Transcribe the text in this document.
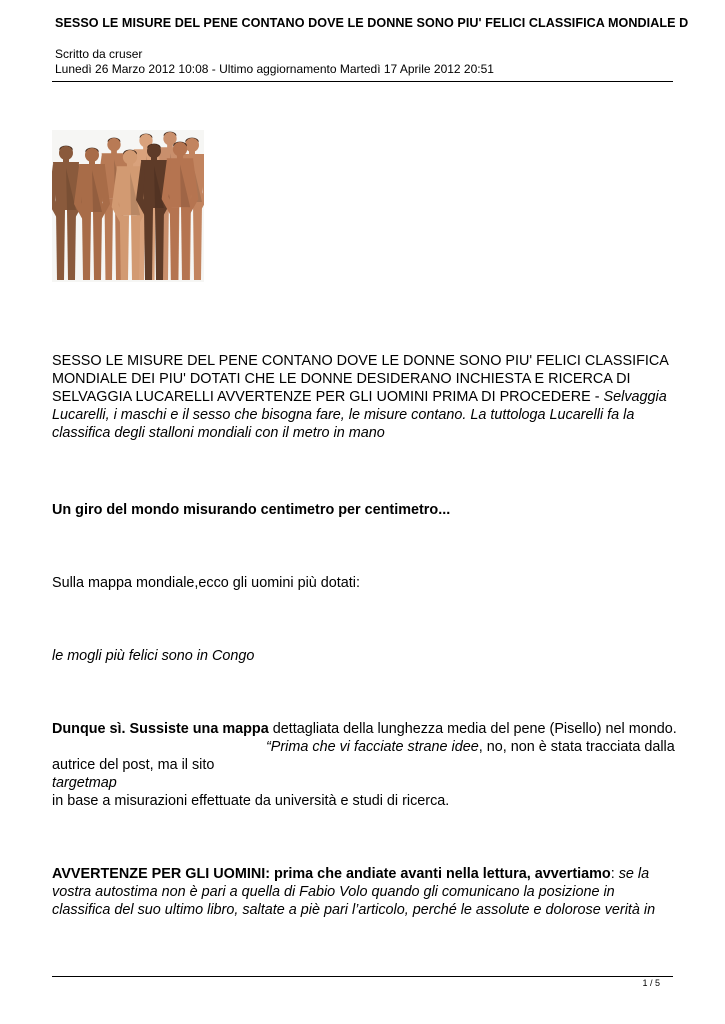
SESSO LE MISURE DEL PENE CONTANO DOVE LE DONNE SONO PIU' FELICI CLASSIFICA MONDIALE D
Scritto da cruser
Lunedì 26 Marzo 2012 10:08 - Ultimo aggiornamento Martedì 17 Aprile 2012 20:51
SESSO LE MISURE DEL PENE CONTANO DOVE LE DONNE SONO PIU' FELICI CLASSIFICA MONDIALE DEI PIU' DOTATI CHE LE DONNE DESIDERANO INCHIESTA E RICERCA DI SELVAGGIA LUCARELLI AVVERTENZE PER GLI UOMINI PRIMA DI PROCEDERE - Selvaggia Lucarelli, i maschi e il sesso che bisogna fare, le misure contano. La tuttologa Lucarelli fa la classifica degli stalloni mondiali con il metro in mano
Un giro del mondo misurando centimetro per centimetro...
Sulla mappa mondiale,ecco gli uomini più dotati:
le mogli più felici sono in Congo
Dunque sì. Sussiste una mappa dettagliata della lunghezza media del pene (Pisello) nel mondo.“Prima che vi facciate strane idee, no, non è stata tracciata dalla autrice del post, ma il sito
targetmap
in base a misurazioni effettuate da università e studi di ricerca.
AVVERTENZE PER GLI UOMINI: prima che andiate avanti nella lettura, avvertiamo: se la vostra autostima non è pari a quella di Fabio Volo quando gli comunicano la posizione in classifica del suo ultimo libro, saltate a piè pari l’articolo, perché le assolute e dolorose verità in
1 / 5
